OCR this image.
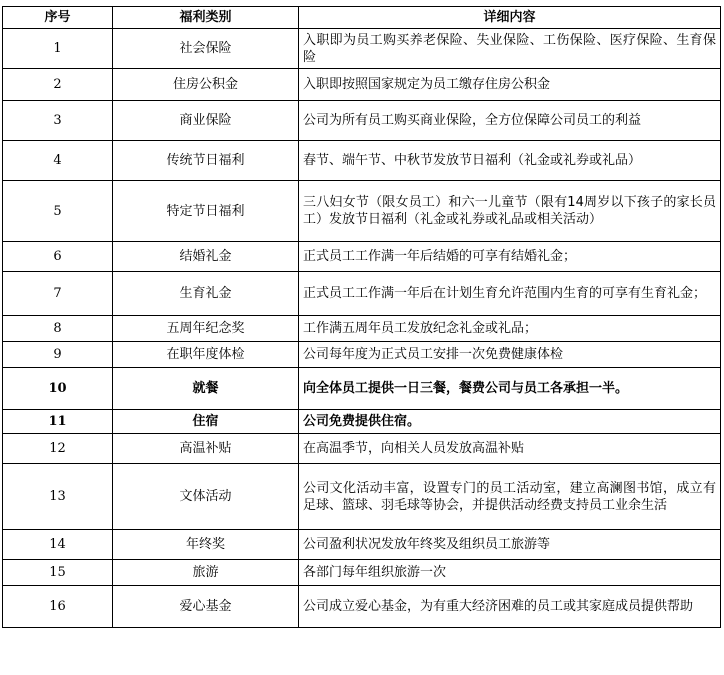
序号	福利类别	详细内容
1	社会保险	入职即为员工购买养老保险、失业保险、工伤保险、医疗保险、生育保险
2	住房公积金	入职即按照国家规定为员工缴存住房公积金
3	商业保险	公司为所有员工购买商业保险，全方位保障公司员工的利益
4	传统节日福利	春节、端午节、中秋节发放节日福利（礼金或礼券或礼品）
5	特定节日福利	三八妇女节（限女员工）和六一儿童节（限有14周岁以下孩子的家长员工）发放节日福利（礼金或礼券或礼品或相关活动）
6	结婚礼金	正式员工工作满一年后结婚的可享有结婚礼金；
7	生育礼金	正式员工工作满一年后在计划生育允许范围内生育的可享有生育礼金；
8	五周年纪念奖	工作满五周年员工发放纪念礼金或礼品；
9	在职年度体检	公司每年度为正式员工安排一次免费健康体检
10	就餐	向全体员工提供一日三餐，餐费公司与员工各承担一半。
11	住宿	公司免费提供住宿。
12	高温补贴	在高温季节，向相关人员发放高温补贴
13	文体活动	公司文化活动丰富，设置专门的员工活动室，建立高澜图书馆，成立有足球、篮球、羽毛球等协会，并提供活动经费支持员工业余生活
14	年终奖	公司盈利状况发放年终奖及组织员工旅游等
15	旅游	各部门每年组织旅游一次
16	爱心基金	公司成立爱心基金，为有重大经济困难的员工或其家庭成员提供帮助
